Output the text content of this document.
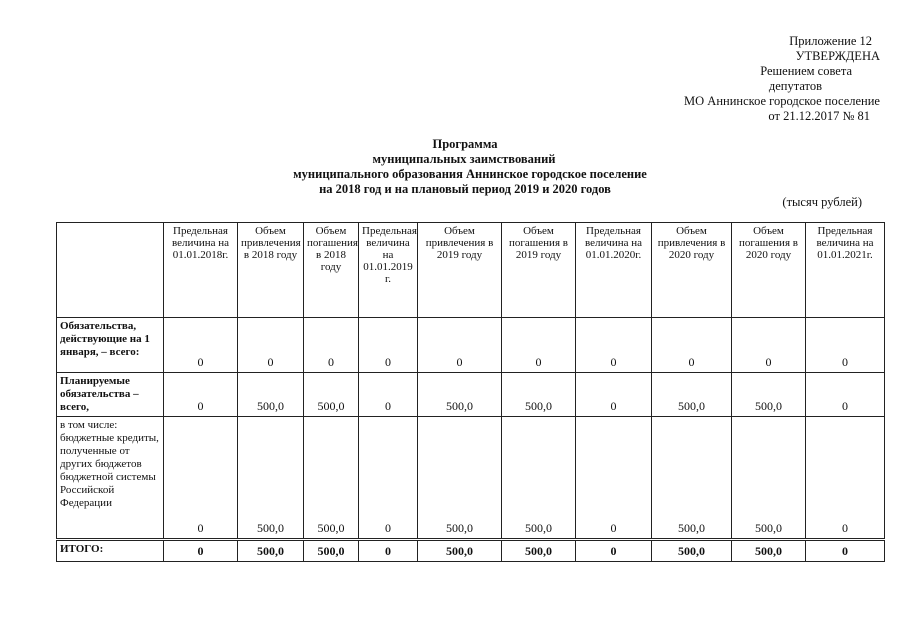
Приложение 12
УТВЕРЖДЕНА
Решением совета
депутатов
МО Аннинское городское поселение
от 21.12.2017 № 81
Программа
муниципальных заимствований
муниципального образования Аннинское городское поселение
на 2018 год и на плановый период 2019 и 2020 годов
(тысяч рублей)
	Предельная величина на 01.01.2018г.	Объем привлечения в 2018 году	Объем погашения в 2018 году	Предельная величина на 01.01.2019 г.	Объем привлечения в 2019 году	Объем погашения в 2019 году	Предельная величина на 01.01.2020г.	Объем привлечения в 2020 году	Объем погашения в 2020 году	Предельная величина на 01.01.2021г.
Обязательства, действующие на 1 января, – всего:	0	0	0	0	0	0	0	0	0	0
Планируемые обязательства – всего,	0	500,0	500,0	0	500,0	500,0	0	500,0	500,0	0
в том числе: бюджетные кредиты, полученные от других бюджетов бюджетной системы Российской Федерации	0	500,0	500,0	0	500,0	500,0	0	500,0	500,0	0
ИТОГО:	0	500,0	500,0	0	500,0	500,0	0	500,0	500,0	0
